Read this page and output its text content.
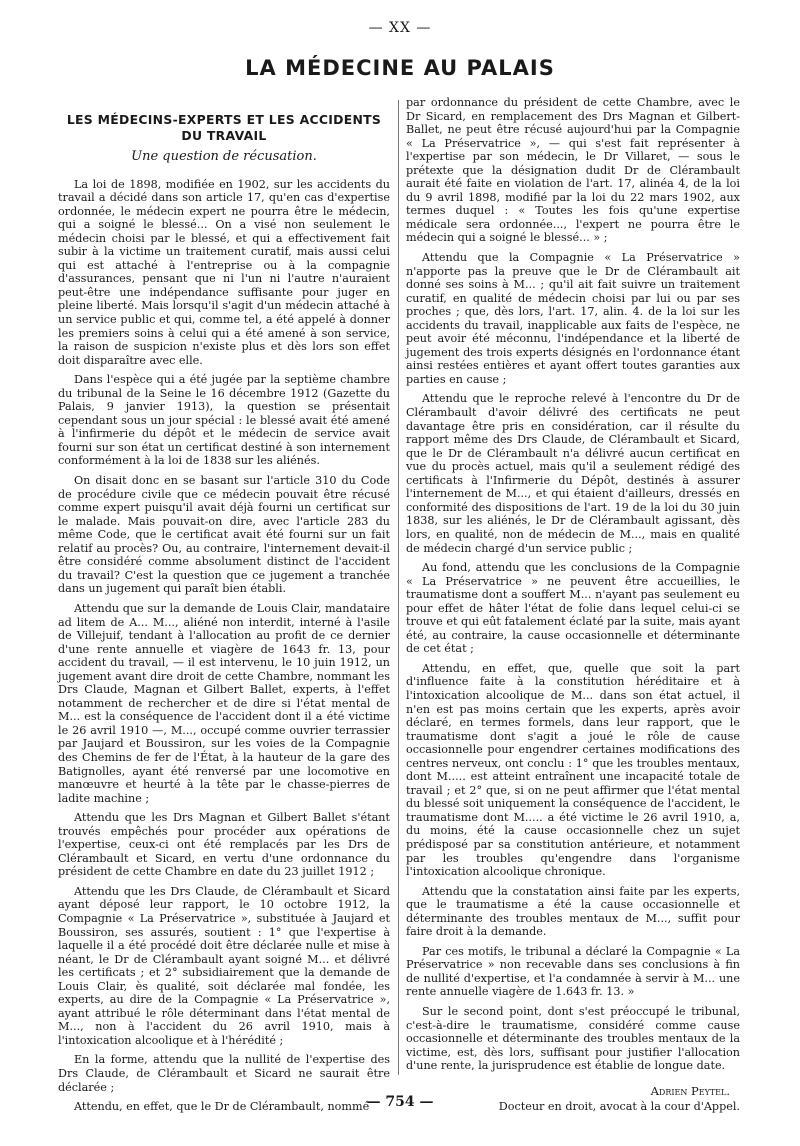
— XX —
LA MÉDECINE AU PALAIS
LES MÉDECINS-EXPERTS ET LES ACCIDENTS DU TRAVAIL
Une question de récusation.

La loi de 1898, modifiée en 1902, sur les accidents du travail a décidé dans son article 17, qu'en cas d'expertise ordonnée, le médecin expert ne pourra être le médecin, qui a soigné le blessé... On a visé non seulement le médecin choisi par le blessé, et qui a effectivement fait subir à la victime un traitement curatif, mais aussi celui qui est attaché à l'entreprise ou à la compagnie d'assurances, pensant que ni l'un ni l'autre n'auraient peut-être une indépendance suffisante pour juger en pleine liberté. Mais lorsqu'il s'agit d'un médecin attaché à un service public et qui, comme tel, a été appelé à donner les premiers soins à celui qui a été amené à son service, la raison de suspicion n'existe plus et dès lors son effet doit disparaître avec elle.

Dans l'espèce qui a été jugée par la septième chambre du tribunal de la Seine le 16 décembre 1912 (Gazette du Palais, 9 janvier 1913), la question se présentait cependant sous un jour spécial : le blessé avait été amené à l'infirmerie du dépôt et le médecin de service avait fourni sur son état un certificat destiné à son internement conformément à la loi de 1838 sur les aliénés.

On disait donc en se basant sur l'article 310 du Code de procédure civile que ce médecin pouvait être récusé comme expert puisqu'il avait déjà fourni un certificat sur le malade. Mais pouvait-on dire, avec l'article 283 du même Code, que le certificat avait été fourni sur un fait relatif au procès? Ou, au contraire, l'internement devait-il être considéré comme absolument distinct de l'accident du travail? C'est la question que ce jugement a tranchée dans un jugement qui paraît bien établi.

Attendu que sur la demande de Louis Clair, mandataire ad litem de A... M..., aliéné non interdit, interné à l'asile de Villejuif, tendant à l'allocation au profit de ce dernier d'une rente annuelle et viagère de 1643 fr. 13, pour accident du travail, — il est intervenu, le 10 juin 1912, un jugement avant dire droit de cette Chambre, nommant les Drs Claude, Magnan et Gilbert Ballet, experts, à l'effet notamment de rechercher et de dire si l'état mental de M... est la conséquence de l'accident dont il a été victime le 26 avril 1910 —, M..., occupé comme ouvrier terrassier par Jaujard et Boussiron, sur les voies de la Compagnie des Chemins de fer de l'État, à la hauteur de la gare des Batignolles, ayant été renversé par une locomotive en manœuvre et heurté à la tête par le chasse-pierres de ladite machine ;

Attendu que les Drs Magnan et Gilbert Ballet s'étant trouvés empêchés pour procéder aux opérations de l'expertise, ceux-ci ont été remplacés par les Drs de Clérambault et Sicard, en vertu d'une ordonnance du président de cette Chambre en date du 23 juillet 1912 ;

Attendu que les Drs Claude, de Clérambault et Sicard ayant déposé leur rapport, le 10 octobre 1912, la Compagnie « La Préservatrice », substituée à Jaujard et Boussiron, ses assurés, soutient : 1° que l'expertise à laquelle il a été procédé doit être déclarée nulle et mise à néant, le Dr de Clérambault ayant soigné M... et délivré les certificats ; et 2° subsidiairement que la demande de Louis Clair, ès qualité, soit déclarée mal fondée, les experts, au dire de la Compagnie « La Préservatrice », ayant attribué le rôle déterminant dans l'état mental de M..., non à l'accident du 26 avril 1910, mais à l'intoxication alcoolique et à l'hérédité ;

En la forme, attendu que la nullité de l'expertise des Drs Claude, de Clérambault et Sicard ne saurait être déclarée ;

Attendu, en effet, que le Dr de Clérambault, nommé

par ordonnance du président de cette Chambre, avec le Dr Sicard, en remplacement des Drs Magnan et Gilbert-Ballet, ne peut être récusé aujourd'hui par la Compagnie « La Préservatrice », — qui s'est fait représenter à l'expertise par son médecin, le Dr Villaret, — sous le prétexte que la désignation dudit Dr de Clérambault aurait été faite en violation de l'art. 17, alinéa 4, de la loi du 9 avril 1898, modifié par la loi du 22 mars 1902, aux termes duquel : « Toutes les fois qu'une expertise médicale sera ordonnée..., l'expert ne pourra être le médecin qui a soigné le blessé... » ;

Attendu que la Compagnie « La Préservatrice » n'apporte pas la preuve que le Dr de Clérambault ait donné ses soins à M... ; qu'il ait fait suivre un traitement curatif, en qualité de médecin choisi par lui ou par ses proches ; que, dès lors, l'art. 17, alin. 4. de la loi sur les accidents du travail, inapplicable aux faits de l'espèce, ne peut avoir été méconnu, l'indépendance et la liberté de jugement des trois experts désignés en l'ordonnance étant ainsi restées entières et ayant offert toutes garanties aux parties en cause ;

Attendu que le reproche relevé à l'encontre du Dr de Clérambault d'avoir délivré des certificats ne peut davantage être pris en considération, car il résulte du rapport même des Drs Claude, de Clérambault et Sicard, que le Dr de Clérambault n'a délivré aucun certificat en vue du procès actuel, mais qu'il a seulement rédigé des certificats à l'Infirmerie du Dépôt, destinés à assurer l'internement de M..., et qui étaient d'ailleurs, dressés en conformité des dispositions de l'art. 19 de la loi du 30 juin 1838, sur les aliénés, le Dr de Clérambault agissant, dès lors, en qualité, non de médecin de M..., mais en qualité de médecin chargé d'un service public ;

Au fond, attendu que les conclusions de la Compagnie « La Préservatrice » ne peuvent être accueillies, le traumatisme dont a souffert M... n'ayant pas seulement eu pour effet de hâter l'état de folie dans lequel celui-ci se trouve et qui eût fatalement éclaté par la suite, mais ayant été, au contraire, la cause occasionnelle et déterminante de cet état ;

Attendu, en effet, que, quelle que soit la part d'influence faite à la constitution héréditaire et à l'intoxication alcoolique de M... dans son état actuel, il n'en est pas moins certain que les experts, après avoir déclaré, en termes formels, dans leur rapport, que le traumatisme dont s'agit a joué le rôle de cause occasionnelle pour engendrer certaines modifications des centres nerveux, ont conclu : 1° que les troubles mentaux, dont M..... est atteint entraînent une incapacité totale de travail ; et 2° que, si on ne peut affirmer que l'état mental du blessé soit uniquement la conséquence de l'accident, le traumatisme dont M..... a été victime le 26 avril 1910, a, du moins, été la cause occasionnelle chez un sujet prédisposé par sa constitution antérieure, et notamment par les troubles qu'engendre dans l'organisme l'intoxication alcoolique chronique.

Attendu que la constatation ainsi faite par les experts, que le traumatisme a été la cause occasionnelle et déterminante des troubles mentaux de M..., suffit pour faire droit à la demande.

Par ces motifs, le tribunal a déclaré la Compagnie « La Préservatrice » non recevable dans ses conclusions à fin de nullité d'expertise, et l'a condamnée à servir à M... une rente annuelle viagère de 1.643 fr. 13. »

Sur le second point, dont s'est préoccupé le tribunal, c'est-à-dire le traumatisme, considéré comme cause occasionnelle et déterminante des troubles mentaux de la victime, est, dès lors, suffisant pour justifier l'allocation d'une rente, la jurisprudence est établie de longue date.

Adrien Peytel.
Docteur en droit, avocat à la cour d'Appel.
— 754 —
